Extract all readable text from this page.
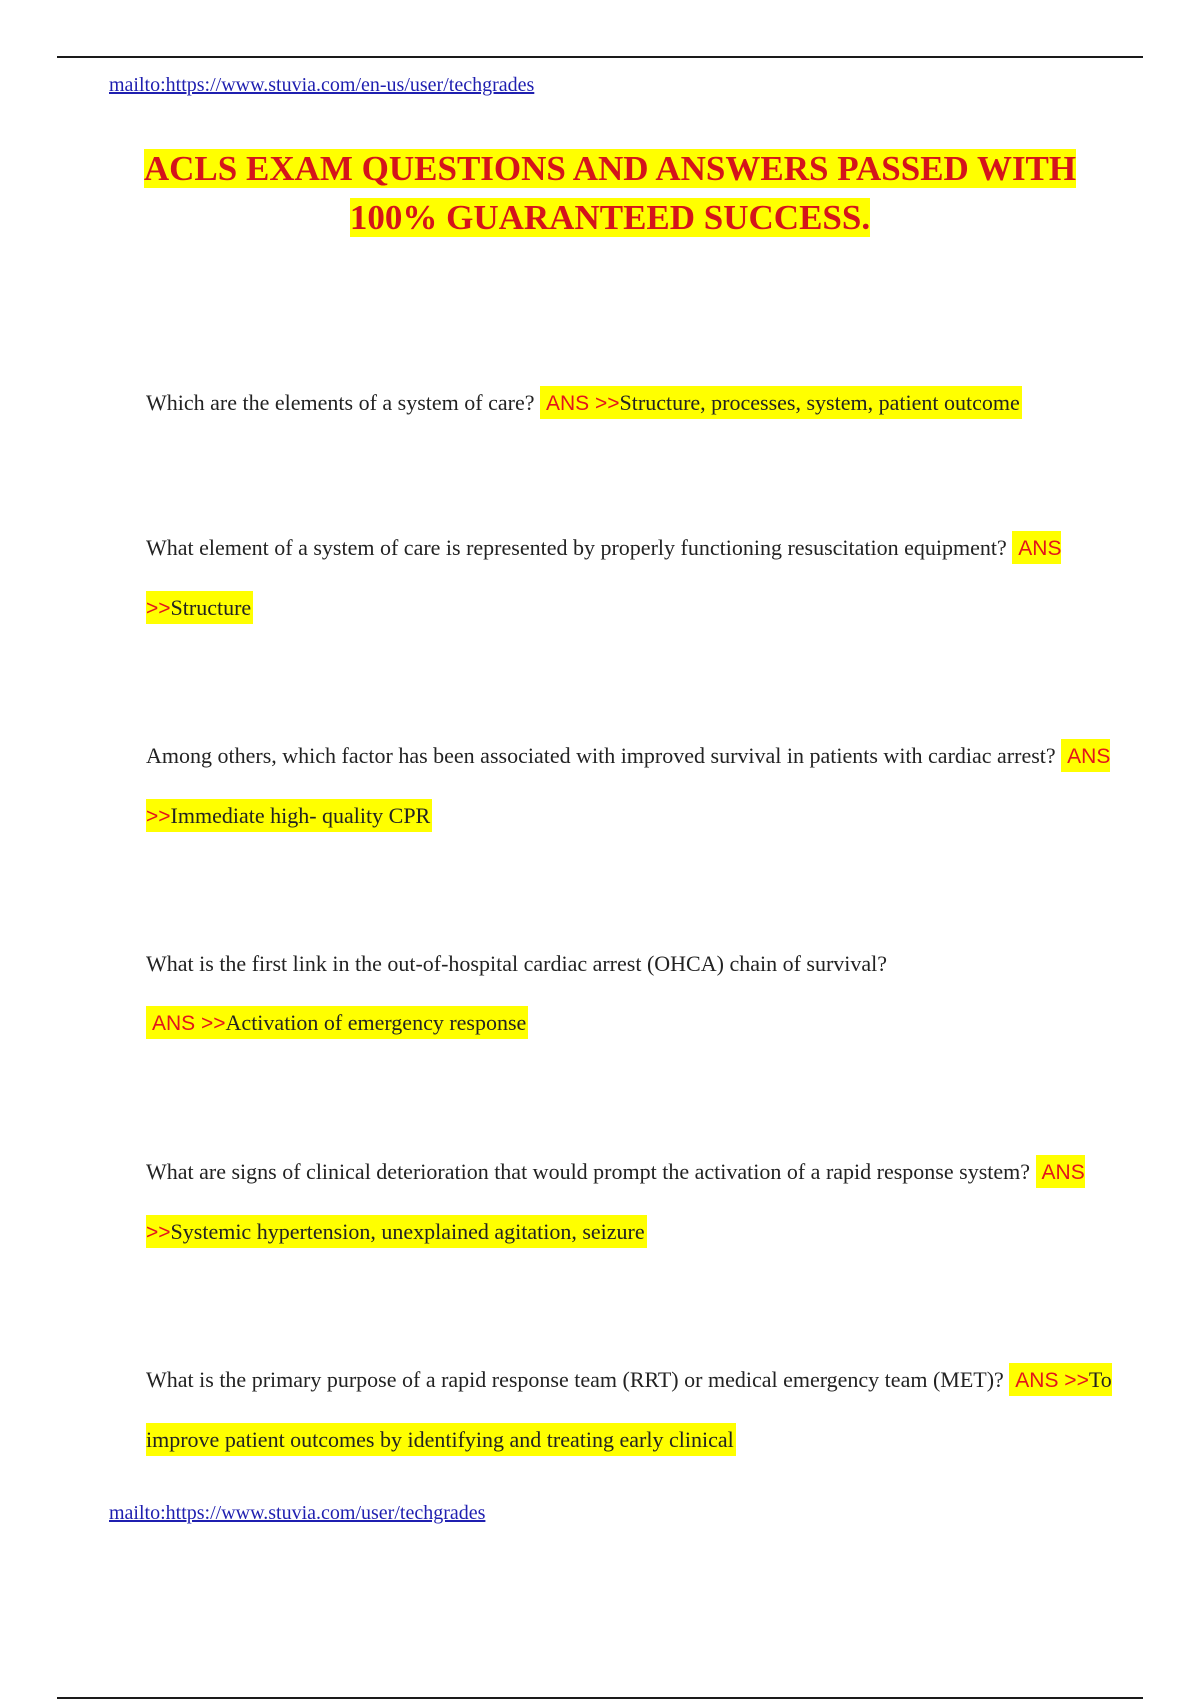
mailto:https://www.stuvia.com/en-us/user/techgrades
ACLS EXAM QUESTIONS AND ANSWERS PASSED WITH
100% GUARANTEED SUCCESS.
Which are the elements of a system of care? ANS >>Structure, processes, system, patient outcome
What element of a system of care is represented by properly functioning resuscitation equipment? ANS >>Structure
Among others, which factor has been associated with improved survival in patients with cardiac arrest? ANS >>Immediate high- quality CPR
What is the first link in the out-of-hospital cardiac arrest (OHCA) chain of survival?
ANS >>Activation of emergency response
What are signs of clinical deterioration that would prompt the activation of a rapid response system? ANS >>Systemic hypertension, unexplained agitation, seizure
What is the primary purpose of a rapid response team (RRT) or medical emergency team (MET)? ANS >>To improve patient outcomes by identifying and treating early clinical
mailto:https://www.stuvia.com/user/techgrades
